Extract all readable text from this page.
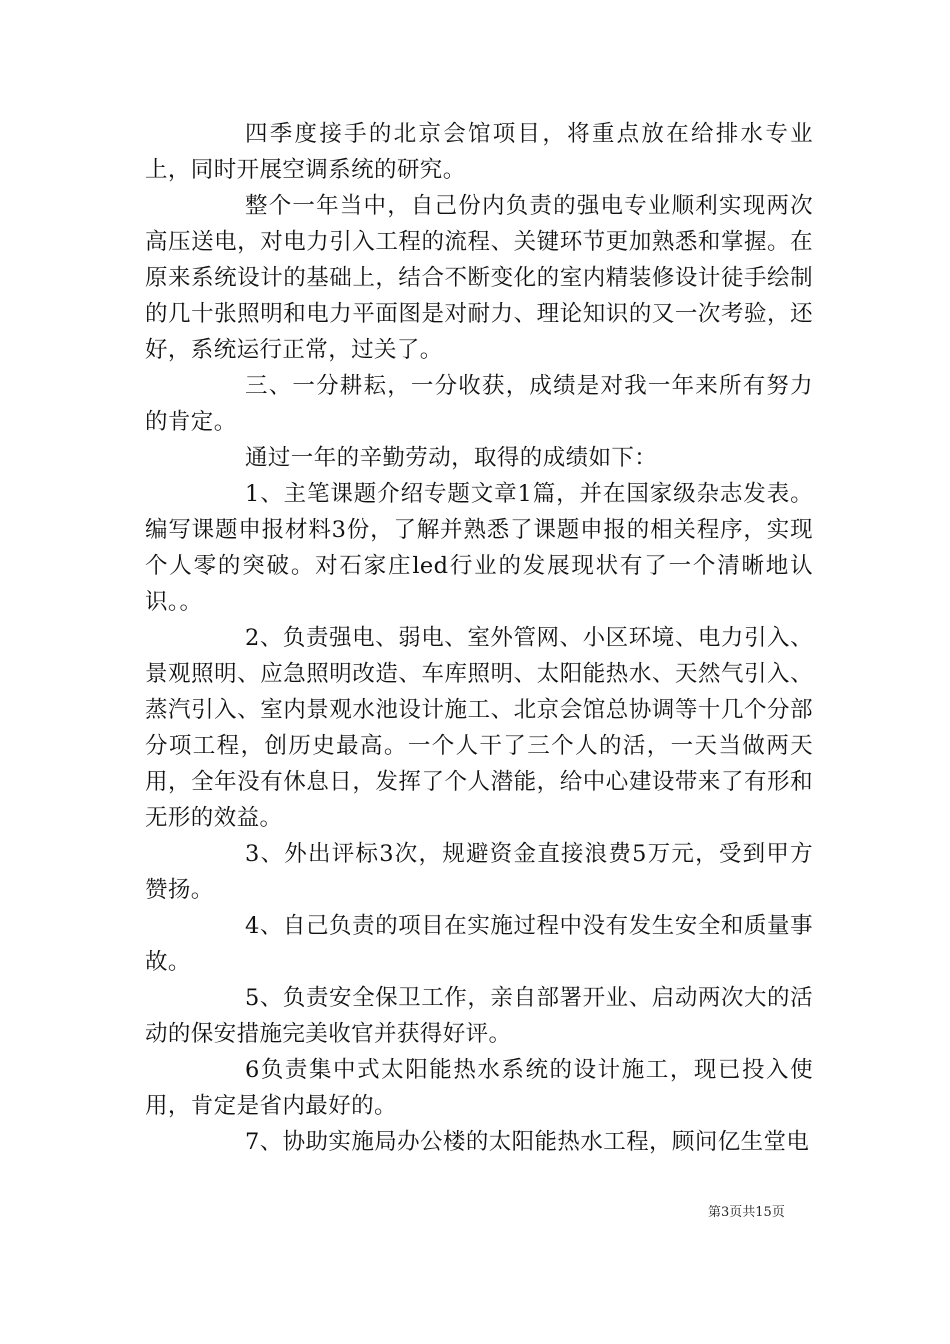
四季度接手的北京会馆项目，将重点放在给排水专业上，同时开展空调系统的研究。

整个一年当中，自己份内负责的强电专业顺利实现两次高压送电，对电力引入工程的流程、关键环节更加熟悉和掌握。在原来系统设计的基础上，结合不断变化的室内精装修设计徒手绘制的几十张照明和电力平面图是对耐力、理论知识的又一次考验，还好，系统运行正常，过关了。

三、一分耕耘，一分收获，成绩是对我一年来所有努力的肯定。

通过一年的辛勤劳动，取得的成绩如下：

1、主笔课题介绍专题文章1篇，并在国家级杂志发表。编写课题申报材料3份，了解并熟悉了课题申报的相关程序，实现个人零的突破。对石家庄led行业的发展现状有了一个清晰地认识。。

2、负责强电、弱电、室外管网、小区环境、电力引入、景观照明、应急照明改造、车库照明、太阳能热水、天然气引入、蒸汽引入、室内景观水池设计施工、北京会馆总协调等十几个分部分项工程，创历史最高。一个人干了三个人的活，一天当做两天用，全年没有休息日，发挥了个人潜能，给中心建设带来了有形和无形的效益。

3、外出评标3次，规避资金直接浪费5万元，受到甲方赞扬。

4、自己负责的项目在实施过程中没有发生安全和质量事故。

5、负责安全保卫工作，亲自部署开业、启动两次大的活动的保安措施完美收官并获得好评。

6负责集中式太阳能热水系统的设计施工，现已投入使用，肯定是省内最好的。

7、协助实施局办公楼的太阳能热水工程，顾问亿生堂电

第3页共15页
